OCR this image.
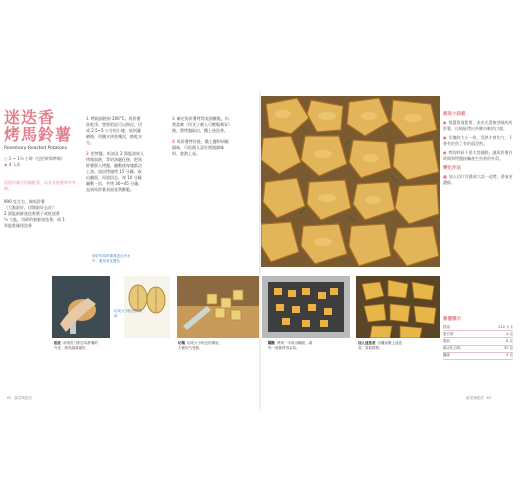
迷迭香
烤馬鈴薯
Rosemary-Roasted Potatoes
◷ 1 ~ 1¼ 小時（包括時間準備）
◉ 4 人份
這道份量可用做配菜，以及其他香料多有時。
900 克左右，褐馬鈴薯
（大點最好，切開最好去皮）
2 湯匙新鮮迷迭香葉子或乾迷香
½ 大匙，切碎的新鮮迷迭香，或 1 茶匙乾燥迷迭香
1 烤箱預熱到 200°C。馬鈴薯洗乾淨，想要的話可以削皮，切成 2.5~5 公分的小塊，放到濾網後，用鹽水沖洗幾次，擦乾水分。
2 把烤盤、奶油及 2 湯匙油放入烤箱加熱，等奶油融化後，把馬鈴薯倒入烤盤，翻動使每塊都沾上油。放回烤箱烤 15 分鐘，取出翻面，再放回去，每 10 分鐘翻動一次，共烤 30~45 分鐘，直到馬鈴薯表面金黃酥脆。
3 確定馬鈴薯烤得表面酥脆，內裡柔軟（用叉子刺入可輕鬆刺穿）後，將烤盤取出，撒上迷迭香。
4 馬鈴薯烤好後，撒上鹽和胡椒調味，可依個人喜好增減調味料，趁熱上桌。
廚房小訣竅
● 挑選質地緊實、表皮光滑無芽眼的馬鈴薯，比較能烤出外酥內軟的口感。
● 切塊時大小一致，受熱才會均勻，不會有的焦了有的還沒熟。
● 烤的時候不要太常翻動，讓馬鈴薯有時間和烤盤接觸產生焦香的外殼。
變化作法
■ 加入切片洋蔥或大蒜一起烤，香氣更濃郁。
營養標示
熱量	220 大卡
蛋白質	4 克
脂肪	8 克
碳水化合物	32 克
纖維	3 克
削好的馬鈴薯要泡在冷水中，避免氧化變色
切成大小相近的塊狀
削皮 用削皮刀削去馬鈴薯的外皮，削得越薄越好。
切塊 切成大小相近的塊狀，方便均勻受熱。
翻動 烤到一半取出翻面，讓每一面都烤得金黃。
加入迷迭香 出爐前撒上迷迭香，香氣撲鼻。
62 蔬菜與配菜	蔬菜與配菜 63
